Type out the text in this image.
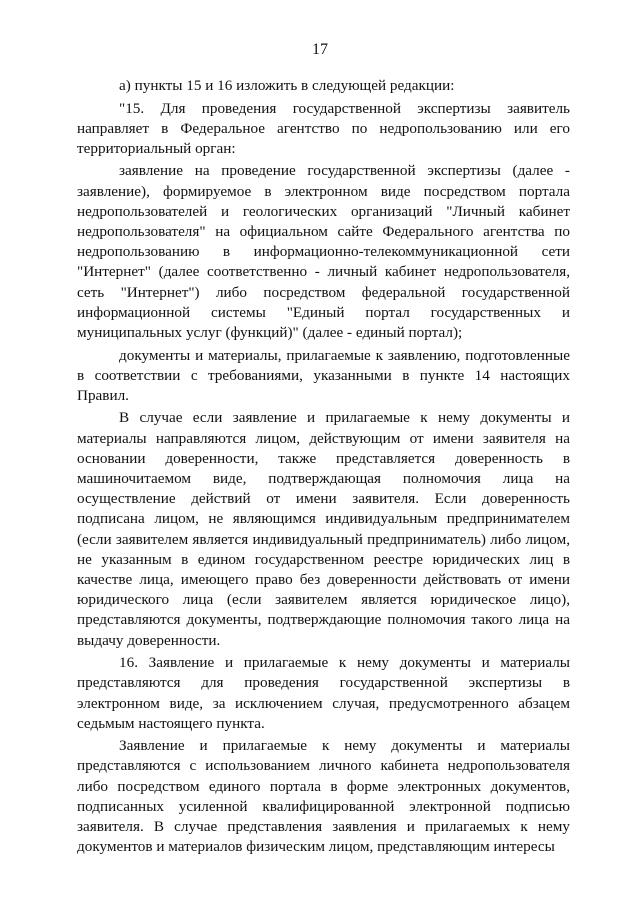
17

а) пункты 15 и 16 изложить в следующей редакции:

"15. Для проведения государственной экспертизы заявитель направляет в Федеральное агентство по недропользованию или его территориальный орган:

заявление на проведение государственной экспертизы (далее - заявление), формируемое в электронном виде посредством портала недропользователей и геологических организаций "Личный кабинет недропользователя" на официальном сайте Федерального агентства по недропользованию в информационно-телекоммуникационной сети "Интернет" (далее соответственно - личный кабинет недропользователя, сеть "Интернет") либо посредством федеральной государственной информационной системы "Единый портал государственных и муниципальных услуг (функций)" (далее - единый портал);

документы и материалы, прилагаемые к заявлению, подготовленные в соответствии с требованиями, указанными в пункте 14 настоящих Правил.

В случае если заявление и прилагаемые к нему документы и материалы направляются лицом, действующим от имени заявителя на основании доверенности, также представляется доверенность в машиночитаемом виде, подтверждающая полномочия лица на осуществление действий от имени заявителя. Если доверенность подписана лицом, не являющимся индивидуальным предпринимателем (если заявителем является индивидуальный предприниматель) либо лицом, не указанным в едином государственном реестре юридических лиц в качестве лица, имеющего право без доверенности действовать от имени юридического лица (если заявителем является юридическое лицо), представляются документы, подтверждающие полномочия такого лица на выдачу доверенности.

16. Заявление и прилагаемые к нему документы и материалы представляются для проведения государственной экспертизы в электронном виде, за исключением случая, предусмотренного абзацем седьмым настоящего пункта.

Заявление и прилагаемые к нему документы и материалы представляются с использованием личного кабинета недропользователя либо посредством единого портала в форме электронных документов, подписанных усиленной квалифицированной электронной подписью заявителя. В случае представления заявления и прилагаемых к нему документов и материалов физическим лицом, представляющим интересы
